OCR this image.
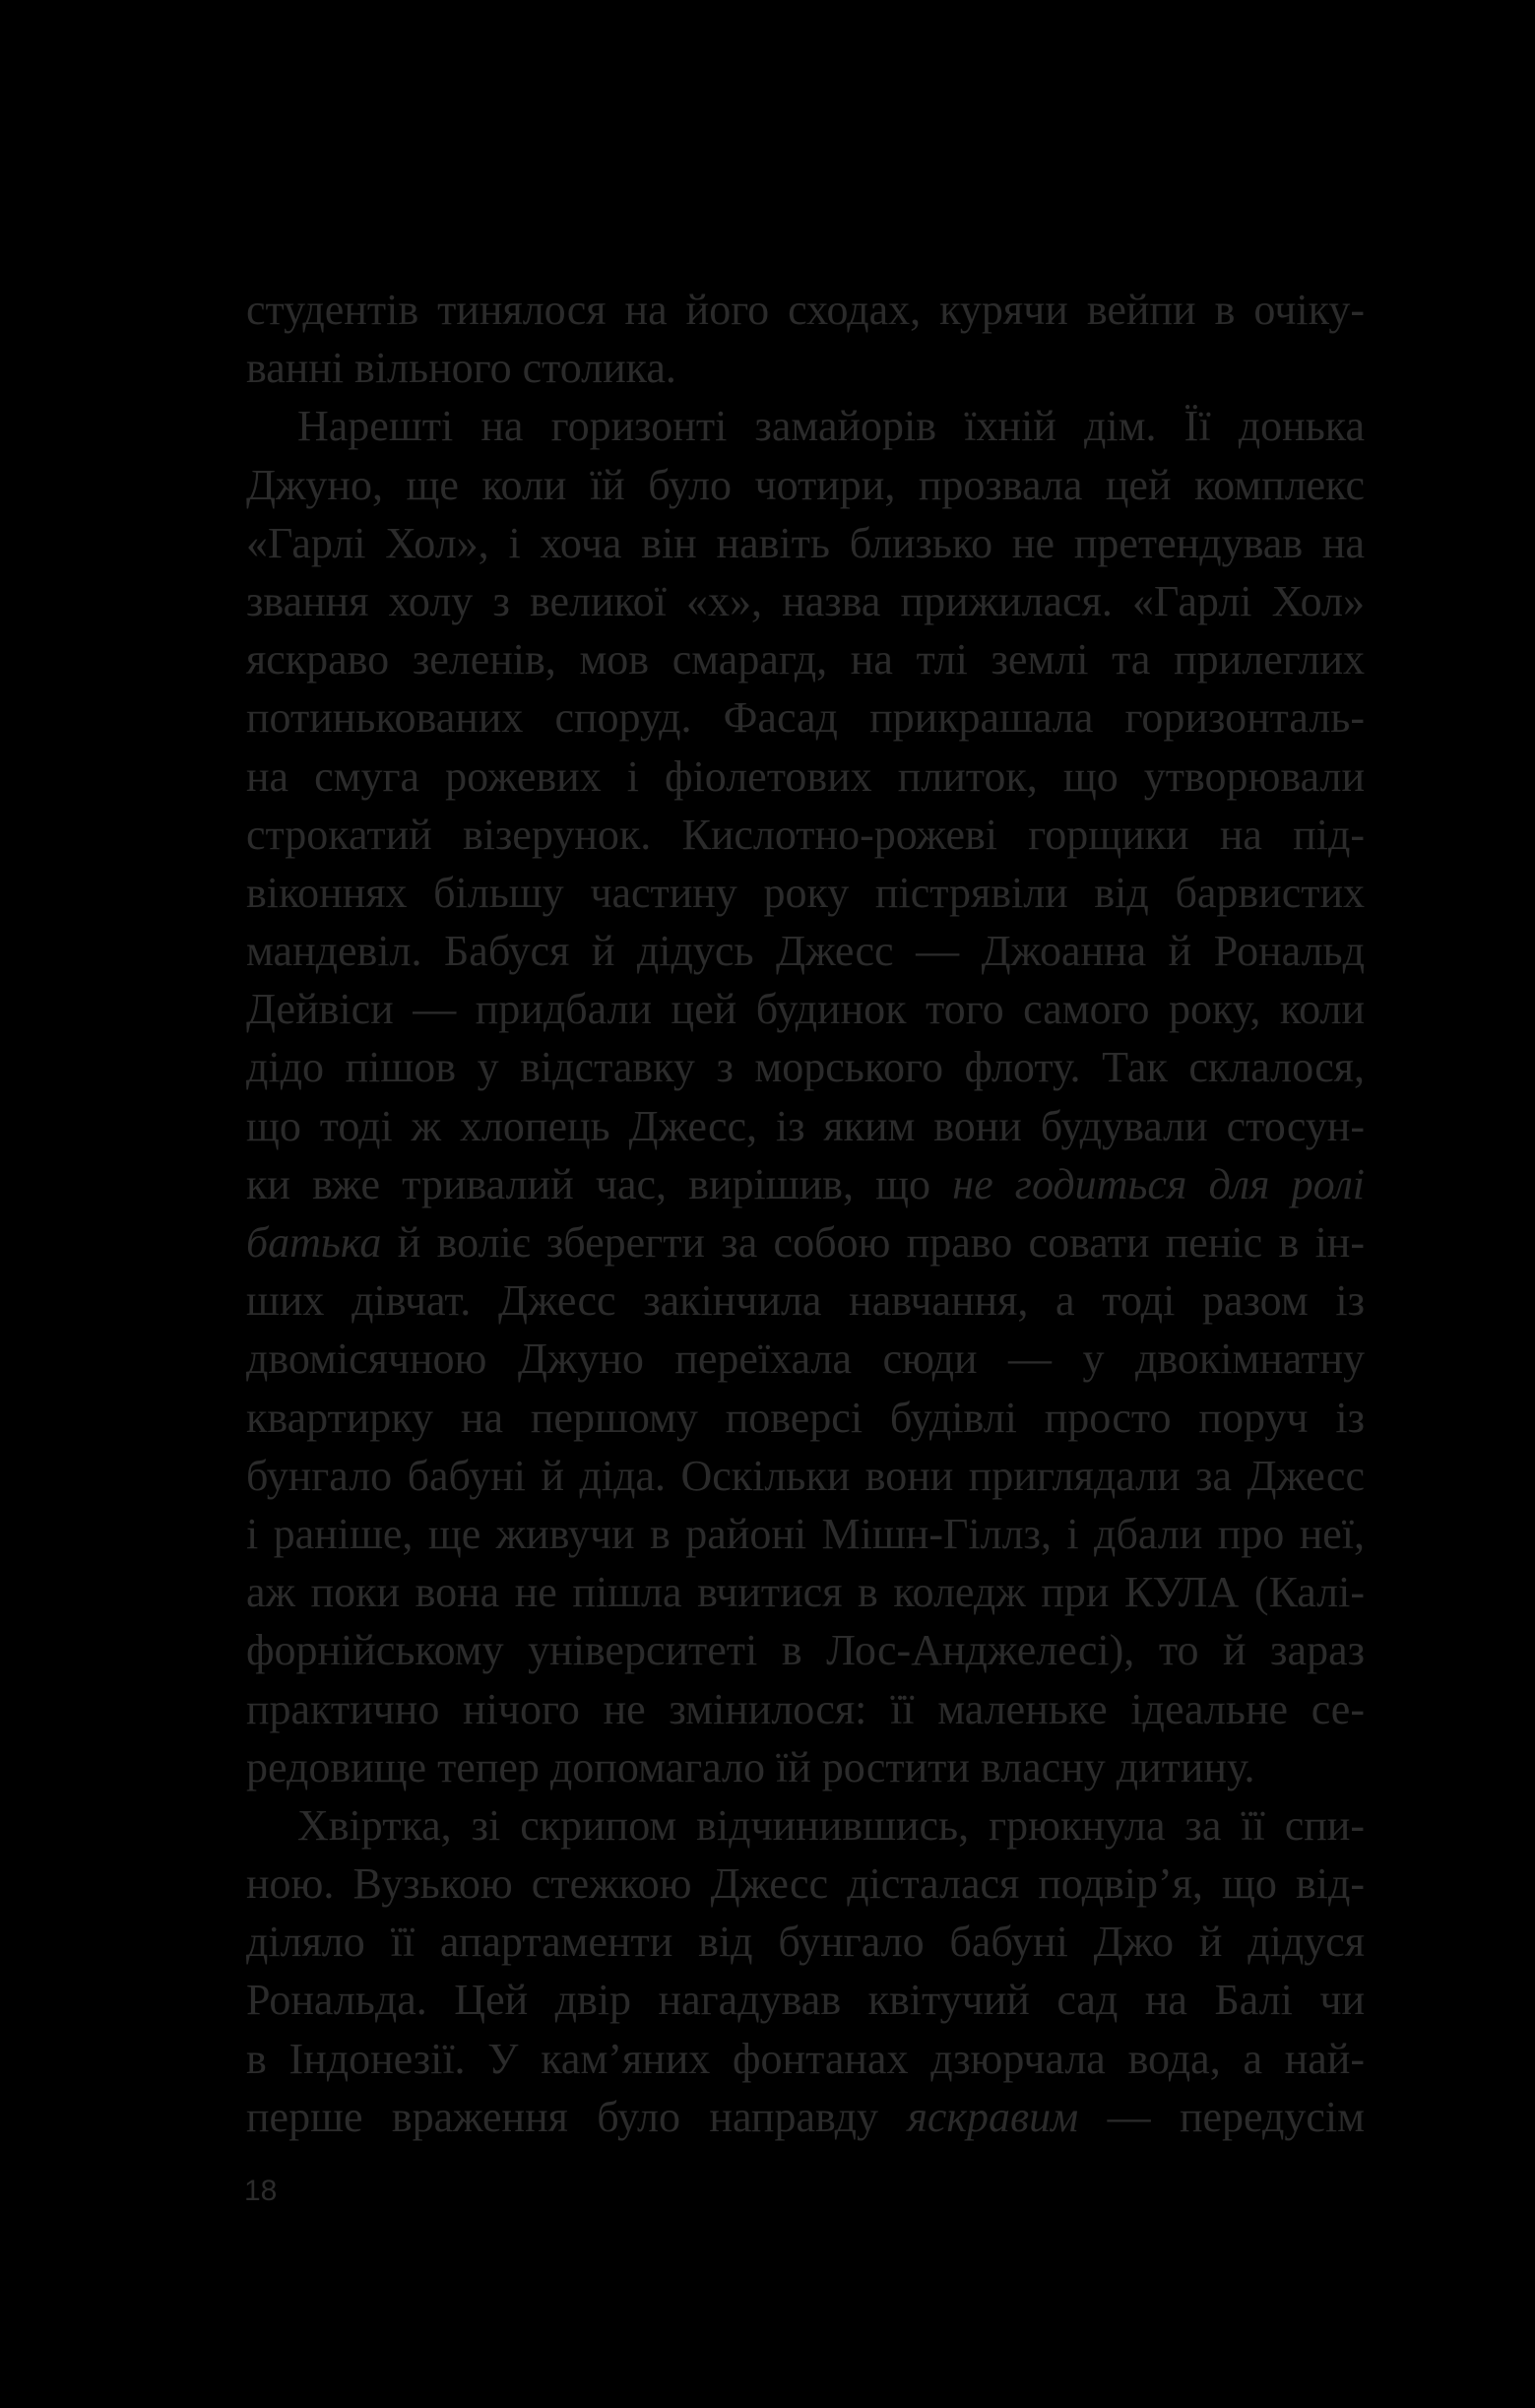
студентів тинялося на його сходах, курячи вейпи в очіку-
ванні вільного столика.
Нарешті на горизонті замайорів їхній дім. Її донька
Джуно, ще коли їй було чотири, прозвала цей комплекс
«Гарлі Хол», і хоча він навіть близько не претендував на
звання холу з великої «х», назва прижилася. «Гарлі Хол»
яскраво зеленів, мов смарагд, на тлі землі та прилеглих
потинькованих споруд. Фасад прикрашала горизонталь-
на смуга рожевих і фіолетових плиток, що утворювали
строкатий візерунок. Кислотно-рожеві горщики на під-
віконнях більшу частину року пістрявіли від барвистих
мандевіл. Бабуся й дідусь Джесс — Джоанна й Рональд
Дейвіси — придбали цей будинок того самого року, коли
дідо пішов у відставку з морського флоту. Так склалося,
що тоді ж хлопець Джесс, із яким вони будували стосун-
ки вже тривалий час, вирішив, що не годиться для ролі
батька й воліє зберегти за собою право совати пеніс в ін-
ших дівчат. Джесс закінчила навчання, а тоді разом із
двомісячною Джуно переїхала сюди — у двокімнатну
квартирку на першому поверсі будівлі просто поруч із
бунгало бабуні й діда. Оскільки вони приглядали за Джесс
і раніше, ще живучи в районі Мішн-Гіллз, і дбали про неї,
аж поки вона не пішла вчитися в коледж при КУЛА (Калі-
форнійському університеті в Лос-Анджелесі), то й зараз
практично нічого не змінилося: її маленьке ідеальне се-
редовище тепер допомагало їй ростити власну дитину.
Хвіртка, зі скрипом відчинившись, грюкнула за її спи-
ною. Вузькою стежкою Джесс дісталася подвір’я, що від-
діляло її апартаменти від бунгало бабуні Джо й дідуся
Рональда. Цей двір нагадував квітучий сад на Балі чи
в Індонезії. У кам’яних фонтанах дзюрчала вода, а най-
перше враження було направду яскравим — передусім
18
